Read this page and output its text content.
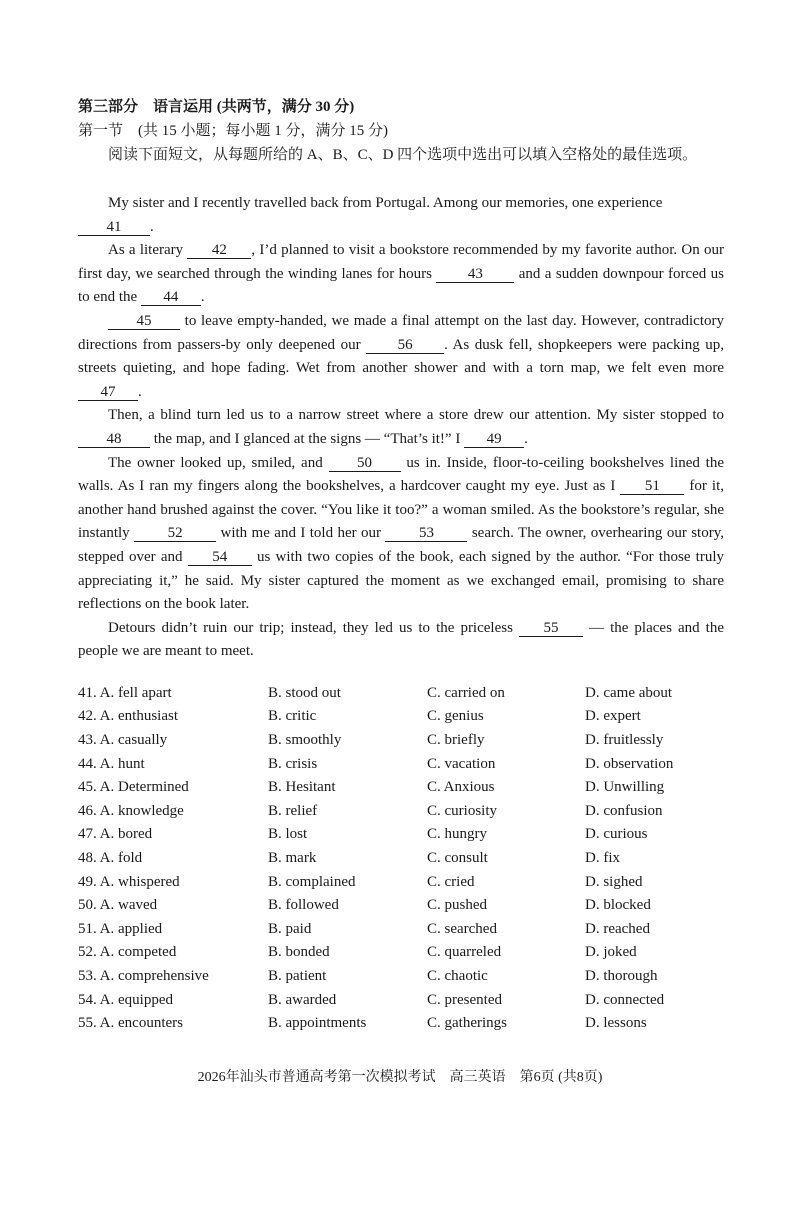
第三部分　语言运用 (共两节，满分 30 分)
第一节　(共 15 小题；每小题 1 分，满分 15 分)
阅读下面短文，从每题所给的 A、B、C、D 四个选项中选出可以填入空格处的最佳选项。

My sister and I recently travelled back from Portugal. Among our memories, one experience
41 .

As a literary 42 , I’d planned to visit a bookstore recommended by my favorite author. On our first day, we searched through the winding lanes for hours 43 and a sudden downpour forced us to end the 44 .

45 to leave empty-handed, we made a final attempt on the last day. However, contradictory directions from passers-by only deepened our 56 . As dusk fell, shopkeepers were packing up, streets quieting, and hope fading. Wet from another shower and with a torn map, we felt even more 47 .

Then, a blind turn led us to a narrow street where a store drew our attention. My sister stopped to 48 the map, and I glanced at the signs — “That’s it!” I 49 .

The owner looked up, smiled, and 50 us in. Inside, floor-to-ceiling bookshelves lined the walls. As I ran my fingers along the bookshelves, a hardcover caught my eye. Just as I 51 for it, another hand brushed against the cover. “You like it too?” a woman smiled. As the bookstore’s regular, she instantly	52	with me and I told her our	53	search. The owner, overhearing our story, stepped over and 54 us with two copies of the book, each signed by the author. “For those truly appreciating it,” he said. My sister captured the moment as we exchanged email, promising to share reflections on the book later.

Detours didn’t ruin our trip; instead, they led us to the priceless 55 — the places and the people we are meant to meet.

41. A. fell apart	B. stood out	C. carried on	D. came about
42. A. enthusiast	B. critic	C. genius	D. expert
43. A. casually	B. smoothly	C. briefly	D. fruitlessly
44. A. hunt	B. crisis	C. vacation	D. observation
45. A. Determined	B. Hesitant	C. Anxious	D. Unwilling
46. A. knowledge	B. relief	C. curiosity	D. confusion
47. A. bored	B. lost	C. hungry	D. curious
48. A. fold	B. mark	C. consult	D. fix
49. A. whispered	B. complained	C. cried	D. sighed
50. A. waved	B. followed	C. pushed	D. blocked
51. A. applied	B. paid	C. searched	D. reached
52. A. competed	B. bonded	C. quarreled	D. joked
53. A. comprehensive	B. patient	C. chaotic	D. thorough
54. A. equipped	B. awarded	C. presented	D. connected
55. A. encounters	B. appointments	C. gatherings	D. lessons
2026年汕头市普通高考第一次模拟考试　高三英语　第6页 (共8页)
